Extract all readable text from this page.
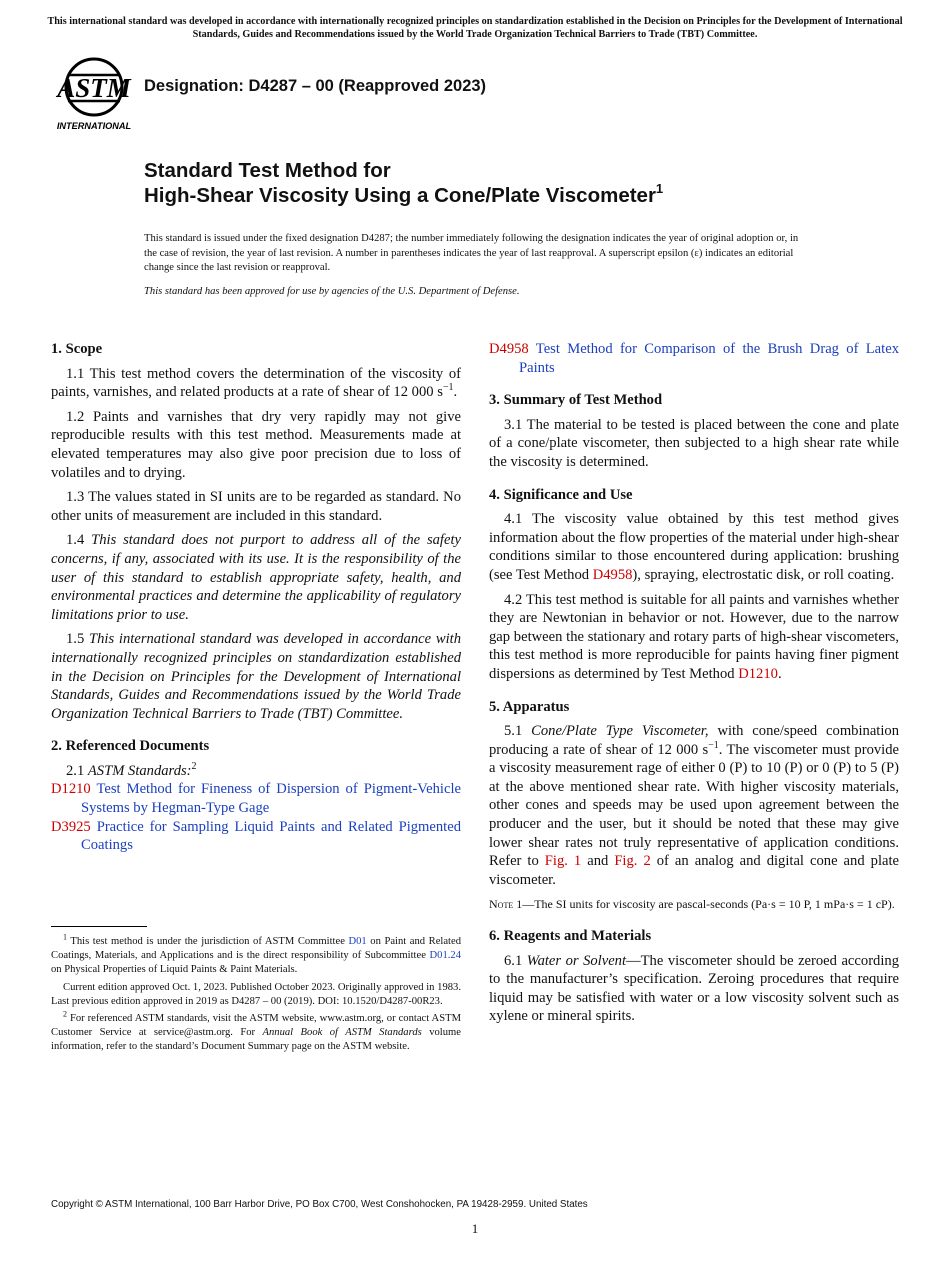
This international standard was developed in accordance with internationally recognized principles on standardization established in the Decision on Principles for the Development of International Standards, Guides and Recommendations issued by the World Trade Organization Technical Barriers to Trade (TBT) Committee.
ASTM
INTERNATIONAL
Designation: D4287 – 00 (Reapproved 2023)
Standard Test Method for
High-Shear Viscosity Using a Cone/Plate Viscometer$^1$
This standard is issued under the fixed designation D4287; the number immediately following the designation indicates the year of original adoption or, in the case of revision, the year of last revision. A number in parentheses indicates the year of last reapproval. A superscript epsilon (ε) indicates an editorial change since the last revision or reapproval.
This standard has been approved for use by agencies of the U.S. Department of Defense.
1. Scope

1.1 This test method covers the determination of the viscosity of paints, varnishes, and related products at a rate of shear of 12 000 $s^{-1}$.

1.2 Paints and varnishes that dry very rapidly may not give reproducible results with this test method. Measurements made at elevated temperatures may also give poor precision due to loss of volatiles and to drying.

1.3 The values stated in SI units are to be regarded as standard. No other units of measurement are included in this standard.

1.4 This standard does not purport to address all of the safety concerns, if any, associated with its use. It is the responsibility of the user of this standard to establish appropriate safety, health, and environmental practices and determine the applicability of regulatory limitations prior to use.

1.5 This international standard was developed in accordance with internationally recognized principles on standardization established in the Decision on Principles for the Development of International Standards, Guides and Recommendations issued by the World Trade Organization Technical Barriers to Trade (TBT) Committee.

2. Referenced Documents

2.1 ASTM Standards:$^2$

D1210 Test Method for Fineness of Dispersion of Pigment-Vehicle Systems by Hegman-Type Gage
D3925 Practice for Sampling Liquid Paints and Related Pigmented Coatings

$^1$ This test method is under the jurisdiction of ASTM Committee D01 on Paint and Related Coatings, Materials, and Applications and is the direct responsibility of Subcommittee D01.24 on Physical Properties of Liquid Paints & Paint Materials.

Current edition approved Oct. 1, 2023. Published October 2023. Originally approved in 1983. Last previous edition approved in 2019 as D4287 – 00 (2019). DOI: 10.1520/D4287-00R23.

$^2$ For referenced ASTM standards, visit the ASTM website, www.astm.org, or contact ASTM Customer Service at service@astm.org. For Annual Book of ASTM Standards volume information, refer to the standard’s Document Summary page on the ASTM website.

D4958 Test Method for Comparison of the Brush Drag of Latex Paints
3. Summary of Test Method

3.1 The material to be tested is placed between the cone and plate of a cone/plate viscometer, then subjected to a high shear rate while the viscosity is determined.

4. Significance and Use

4.1 The viscosity value obtained by this test method gives information about the flow properties of the material under high-shear conditions similar to those encountered during application: brushing (see Test Method D4958), spraying, electrostatic disk, or roll coating.

4.2 This test method is suitable for all paints and varnishes whether they are Newtonian in behavior or not. However, due to the narrow gap between the stationary and rotary parts of high-shear viscometers, this test method is more reproducible for paints having finer pigment dispersions as determined by Test Method D1210.

5. Apparatus

5.1 Cone/Plate Type Viscometer, with cone/speed combination producing a rate of shear of 12 000 $s^{-1}$. The viscometer must provide a viscosity measurement rage of either 0 (P) to 10 (P) or 0 (P) to 5 (P) at the above mentioned shear rate. With higher viscosity materials, other cones and speeds may be used upon agreement between the producer and the user, but it should be noted that these may give lower shear rates not truly representative of application conditions. Refer to Fig. 1 and Fig. 2 of an analog and digital cone and plate viscometer.

Note 1—The SI units for viscosity are pascal-seconds (Pa·s = 10 P, 1 mPa·s = 1 cP).

6. Reagents and Materials

6.1 Water or Solvent—The viscometer should be zeroed according to the manufacturer’s specification. Zeroing procedures that require liquid may be satisfied with water or a low viscosity solvent such as xylene or mineral spirits.

Copyright © ASTM International, 100 Barr Harbor Drive, PO Box C700, West Conshohocken, PA 19428-2959. United States
1
